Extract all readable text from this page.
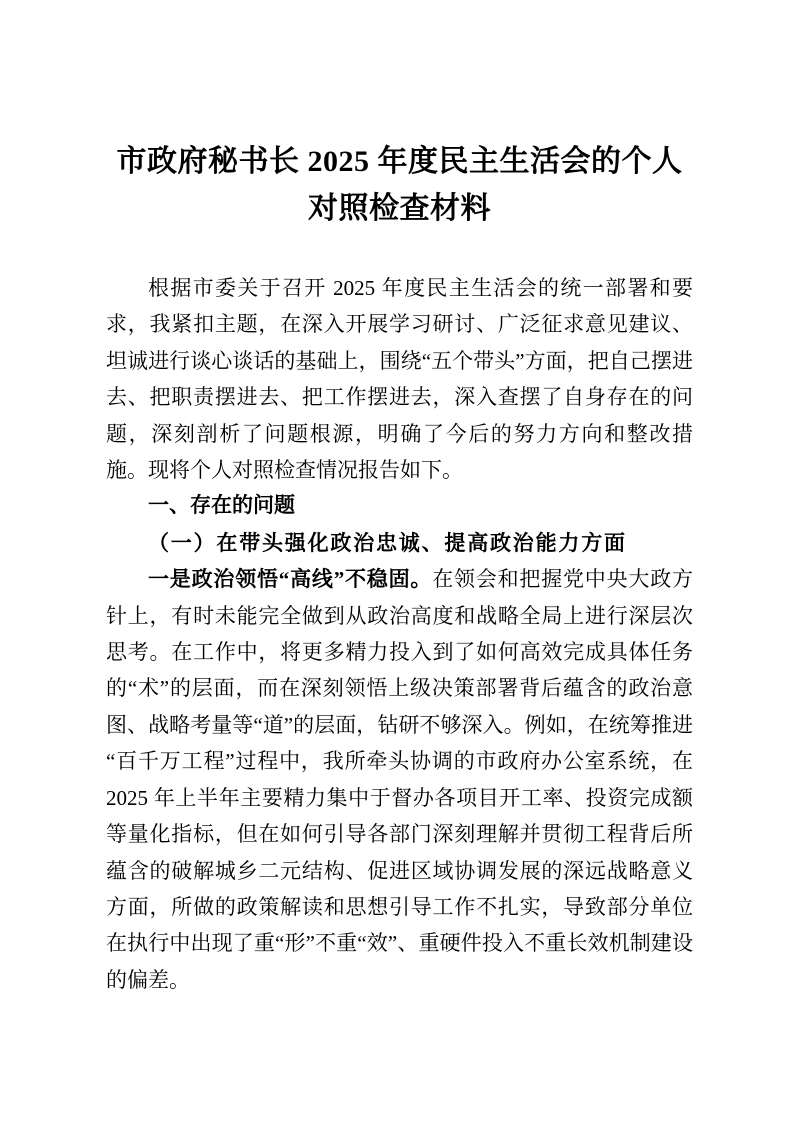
市政府秘书长 2025 年度民主生活会的个人
对照检查材料

根据市委关于召开 2025 年度民主生活会的统一部署和要求，我紧扣主题，在深入开展学习研讨、广泛征求意见建议、坦诚进行谈心谈话的基础上，围绕“五个带头”方面，把自己摆进去、把职责摆进去、把工作摆进去，深入查摆了自身存在的问题，深刻剖析了问题根源，明确了今后的努力方向和整改措施。现将个人对照检查情况报告如下。

一、存在的问题
（一）在带头强化政治忠诚、提高政治能力方面

一是政治领悟“高线”不稳固。在领会和把握党中央大政方针上，有时未能完全做到从政治高度和战略全局上进行深层次思考。在工作中，将更多精力投入到了如何高效完成具体任务的“术”的层面，而在深刻领悟上级决策部署背后蕴含的政治意图、战略考量等“道”的层面，钻研不够深入。例如，在统筹推进“百千万工程”过程中，我所牵头协调的市政府办公室系统，在 2025 年上半年主要精力集中于督办各项目开工率、投资完成额等量化指标，但在如何引导各部门深刻理解并贯彻工程背后所蕴含的破解城乡二元结构、促进区域协调发展的深远战略意义方面，所做的政策解读和思想引导工作不扎实，导致部分单位在执行中出现了重“形”不重“效”、重硬件投入不重长效机制建设的偏差。
